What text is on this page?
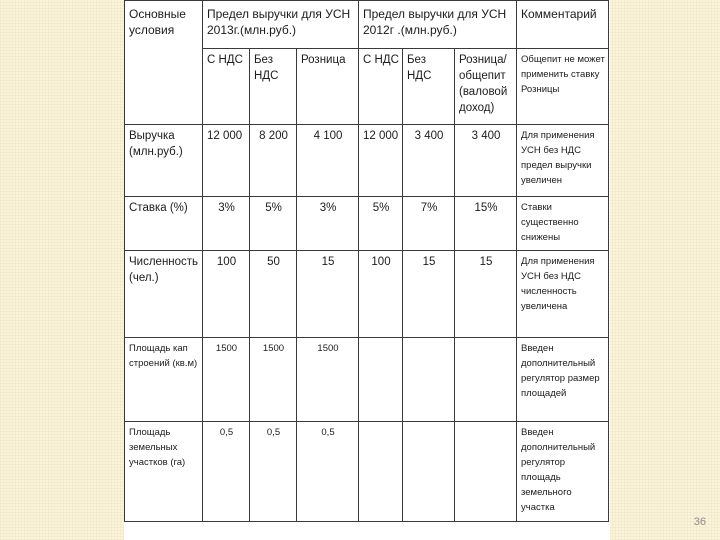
Основные условия	Предел выручки для УСН 2013г.(млн.руб.)			Предел выручки для УСН 2012г .(млн.руб.)			Комментарий
	С НДС	Без НДС	Розница	С НДС	Без НДС	Розница/ общепит (валовой доход)	Общепит не может применить ставку Розницы
Выручка (млн.руб.)	12 000	8 200	4 100	12 000	3 400	3 400	Для применения УСН без НДС предел выручки увеличен
Ставка (%)	3%	5%	3%	5%	7%	15%	Ставки существенно снижены
Численность (чел.)	100	50	15	100	15	15	Для применения УСН без НДС численность увеличена
Площадь кап строений (кв.м)	1500	1500	1500				Введен дополнительный регулятор размер площадей
Площадь земельных участков (га)	0,5	0,5	0,5				Введен дополнительный регулятор площадь земельного участка
36
